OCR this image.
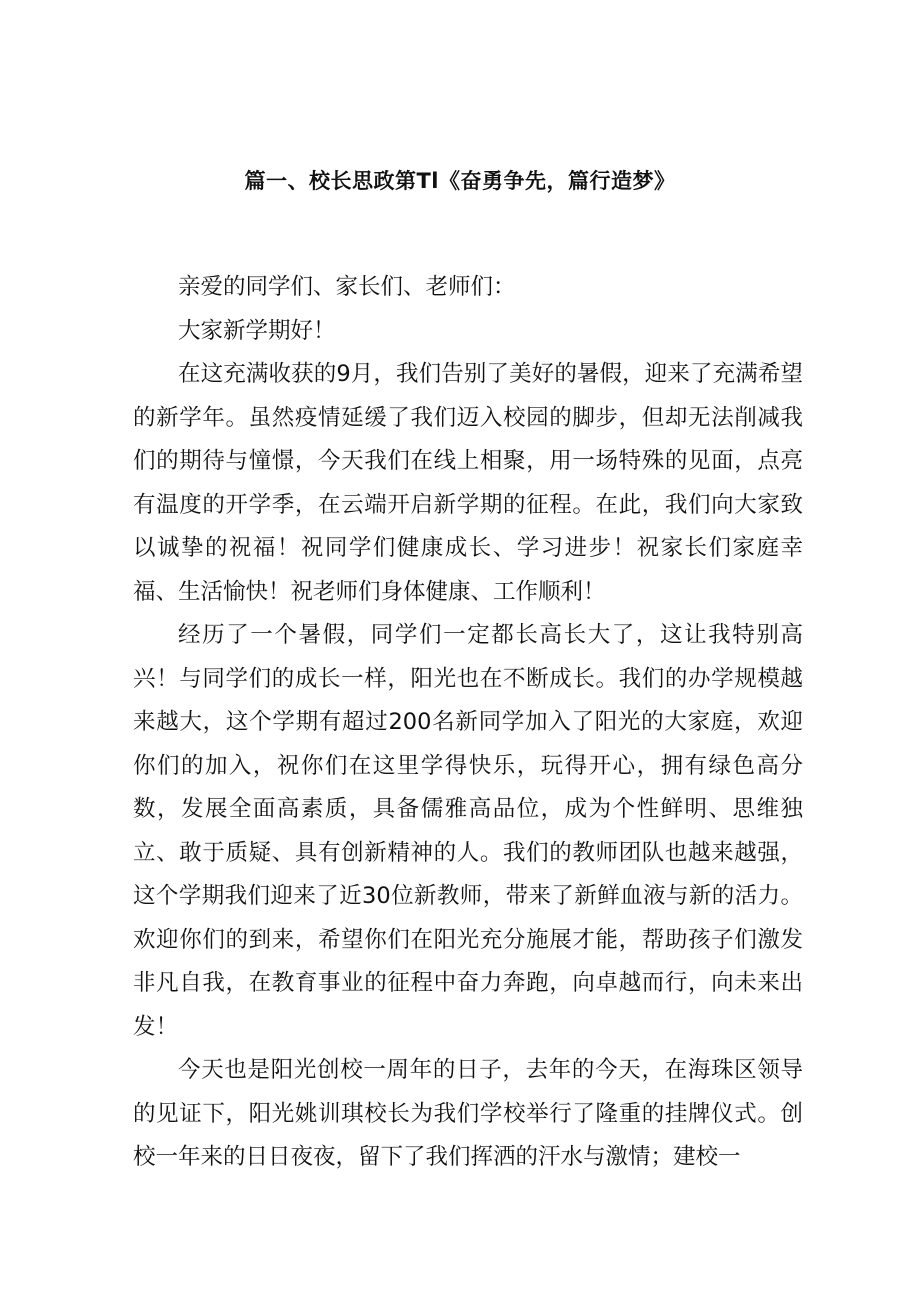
篇一、校长思政第Tl《奋勇争先，篇行造梦》

亲爱的同学们、家长们、老师们：

大家新学期好！

在这充满收获的9月，我们告别了美好的暑假，迎来了充满希望的新学年。虽然疫情延缓了我们迈入校园的脚步，但却无法削减我们的期待与憧憬，今天我们在线上相聚，用一场特殊的见面，点亮有温度的开学季，在云端开启新学期的征程。在此，我们向大家致以诚挚的祝福！祝同学们健康成长、学习进步！祝家长们家庭幸福、生活愉快！祝老师们身体健康、工作顺利！

经历了一个暑假，同学们一定都长高长大了，这让我特别高兴！与同学们的成长一样，阳光也在不断成长。我们的办学规模越来越大，这个学期有超过200名新同学加入了阳光的大家庭，欢迎你们的加入，祝你们在这里学得快乐，玩得开心，拥有绿色高分数，发展全面高素质，具备儒雅高品位，成为个性鲜明、思维独立、敢于质疑、具有创新精神的人。我们的教师团队也越来越强，这个学期我们迎来了近30位新教师，带来了新鲜血液与新的活力。欢迎你们的到来，希望你们在阳光充分施展才能，帮助孩子们激发非凡自我，在教育事业的征程中奋力奔跑，向卓越而行，向未来出发！

今天也是阳光创校一周年的日子，去年的今天，在海珠区领导的见证下，阳光姚训琪校长为我们学校举行了隆重的挂牌仪式。创校一年来的日日夜夜，留下了我们挥洒的汗水与激情；建校一
